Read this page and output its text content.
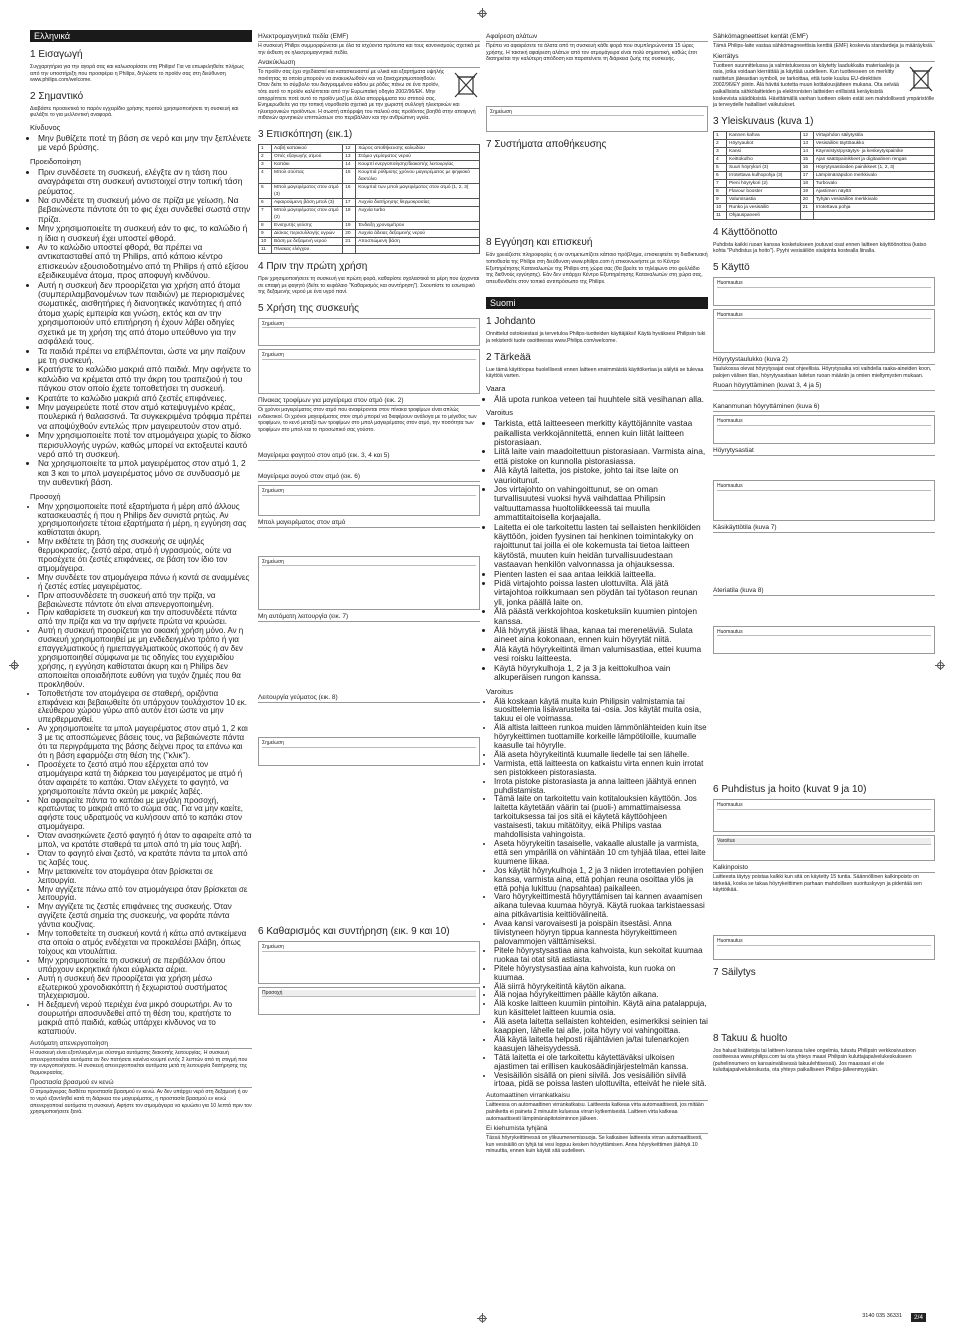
Ελληνικά
1 Εισαγωγή

Συγχαρητήρια για την αγορά σας και καλωσορίσατε στη Philips! Για να επωφεληθείτε πλήρως από την υποστήριξη που προσφέρει η Philips, δηλώστε το προϊόν σας στη διεύθυνση www.philips.com/welcome.

2 Σημαντικό

Διαβάστε προσεκτικά το παρόν εγχειρίδιο χρήσης προτού χρησιμοποιήσετε τη συσκευή και φυλάξτε το για μελλοντική αναφορά.

Κίνδυνος
• Μην βυθίζετε ποτέ τη βάση σε νερό και μην την ξεπλένετε με νερό βρύσης.
Προειδοποίηση
• Πριν συνδέσετε τη συσκευή, ελέγξτε αν η τάση που αναγράφεται στη συσκευή αντιστοιχεί στην τοπική τάση ρεύματος.
• Να συνδέετε τη συσκευή μόνο σε πρίζα με γείωση. Να βεβαιώνεστε πάντοτε ότι το φις έχει συνδεθεί σωστά στην πρίζα.
• Μην χρησιμοποιείτε τη συσκευή εάν το φις, το καλώδιο ή η ίδια η συσκευή έχει υποστεί φθορά.
• Αν το καλώδιο υποστεί φθορά, θα πρέπει να αντικατασταθεί από τη Philips, από κάποιο κέντρο επισκευών εξουσιοδοτημένο από τη Philips ή από εξίσου εξειδικευμένα άτομα, προς αποφυγή κινδύνου.
• Αυτή η συσκευή δεν προορίζεται για χρήση από άτομα (συμπεριλαμβανομένων των παιδιών) με περιορισμένες σωματικές, αισθητήριες ή διανοητικές ικανότητες ή από άτομα χωρίς εμπειρία και γνώση, εκτός και αν την χρησιμοποιούν υπό επιτήρηση ή έχουν λάβει οδηγίες σχετικά με τη χρήση της από άτομο υπεύθυνο για την ασφάλειά τους.
• Τα παιδιά πρέπει να επιβλέπονται, ώστε να μην παίζουν με τη συσκευή.
• Κρατήστε το καλώδιο μακριά από παιδιά. Μην αφήνετε το καλώδιο να κρέμεται από την άκρη του τραπεζιού ή του πάγκου στον οποίο έχετε τοποθετήσει τη συσκευή.
• Κρατάτε το καλώδιο μακριά από ζεστές επιφάνειες.
• Μην μαγειρεύετε ποτέ στον ατμό κατεψυγμένο κρέας, πουλερικά ή θαλασσινά. Τα συγκεκριμένα τρόφιμα πρέπει να αποψύχθούν εντελώς πριν μαγειρευτούν στον ατμό.
• Μην χρησιμοποιείτε ποτέ τον ατμομάγειρα χωρίς το δίσκο περισυλλογής υγρών, καθώς μπορεί να εκτοξευτεί καυτό νερό από τη συσκευή.
• Να χρησιμοποιείτε τα μπολ μαγειρέματος στον ατμό 1, 2 και 3 και το μπολ μαγειρέματος μόνο σε συνδυασμό με την αυθεντική βάση.
Προσοχή
• Μην χρησιμοποιείτε ποτέ εξαρτήματα ή μέρη από άλλους κατασκευαστές ή που η Philips δεν συνιστά ρητώς. Αν χρησιμοποιήσετε τέτοια εξαρτήματα ή μέρη, η εγγύηση σας καθίσταται άκυρη.
• Μην εκθέτετε τη βάση της συσκευής σε υψηλές θερμοκρασίες, ζεστό αέρα, ατμό ή υγρασμούς, ούτε να προσέχετε ότι ζεστές επιφάνειες, σε βάση τον ίδιο τον ατμομάγειρα.
• Μην συνδέετε τον ατμομάγειρα πάνω ή κοντά σε αναμμένες ή ζεστές εστίες μαγειρέματος.
• Πριν αποσυνδέσετε τη συσκευή από την πρίζα, να βεβαιώνεστε πάντοτε ότι είναι απενεργοποιημένη.
• Πριν καθαρίσετε τη συσκευή και την αποσυνδέετε πάντα από την πρίζα και να την αφήνετε πρώτα να κρυώσει.
• Αυτή η συσκευή προορίζεται για οικιακή χρήση μόνο. Αν η συσκευή χρησιμοποιηθεί με μη ενδεδειγμένο τρόπο ή για επαγγελματικούς ή ημιεπαγγελματικούς σκοπούς ή αν δεν χρησιμοποιηθεί σύμφωνα με τις οδηγίες του εγχειριδίου χρήσης, η εγγύηση καθίσταται άκυρη και η Philips δεν αποποιείται οποιαδήποτε ευθύνη για τυχόν ζημιές που θα προκληθούν.
• Τοποθετήστε τον ατομάγειρα σε σταθερή, οριζόντια επιφάνεια και βεβαιωθείτε ότι υπάρχουν τουλάχιστον 10 εκ. ελεύθερου χώρου γύρω από αυτόν έτσι ώστε να μην υπερθερμανθεί.
• Αν χρησιμοποιείτε τα μπολ μαγειρέματος στον ατμό 1, 2 και 3 με τις αποσπώμενες βάσεις τους, να βεβαιώνεστε πάντα ότι τα περιγράμματα της βάσης δείχνει προς τα επάνω και ότι η βάση εφαρμόζει στη θέση της ("κλικ").
• Προσέχετε το ζεστό ατμό που εξέρχεται από τον ατμομάγειρα κατά τη διάρκεια του μαγειρέματος με ατμό ή όταν αφαιρέτε το καπάκι. Όταν ελέγχετε το φαγητό, να χρησιμοποιείτε πάντα σκεύη με μακριές λαβές.
• Να αφαιρείτε πάντα το καπάκι με μεγάλη προσοχή, κρατώντας το μακριά από το σώμα σας. Για να μην καείτε, αφήστε τους υδρατμούς να κυλήσουν από το καπάκι στον ατμομάγειρα.
• Όταν ανασηκώνετε ζεστό φαγητό ή όταν το αφαιρείτε από τα μπολ, να κρατάτε σταθερά τα μπολ από τη μία τους λαβή.
• Όταν το φαγητό είναι ζεστό, να κρατάτε πάντα τα μπολ από τις λαβές τους.
• Μην μετακινείτε τον ατομάγειρα όταν βρίσκεται σε λειτουργία.
• Μην αγγίζετε πάνω από τον ατμομάγειρα όταν βρίσκεται σε λειτουργία.
• Μην αγγίζετε τις ζεστές επιφάνειες της συσκευής. Όταν αγγίζετε ζεστά σημεία της συσκευής, να φοράτε πάντα γάντια κουζίνας.
• Μην τοποθετείτε τη συσκευή κοντά ή κάτω από αντικείμενα στα οποία ο ατμός ενδέχεται να προκαλέσει βλάβη, όπως τοίχους και ντουλάπια.
• Μην χρησιμοποιείτε τη συσκευή σε περιβάλλον όπου υπάρχουν εκρηκτικά ή/και εύφλεκτα αέρια.
• Αυτή η συσκευή δεν προορίζεται για χρήση μέσω εξωτερικού χρονοδιακόπτη ή ξεχωριστού συστήματος τηλεχειρισμού.
• Η δεξαμενή νερού περιέχει ένα μικρό σουρωτήρι. Αν το σουρωτήρι αποσυνδεθεί από τη θέση του, κρατήστε το μακριά από παιδιά, καθώς υπάρχει κίνδυνος να το καταπιούν.
Αυτόματη απενεργοποίηση

Η συσκευή είναι εξοπλισμένη με σύστημα αυτόματης διακοπής λειτουργίας. Η συσκευή απενεργοποιείται αυτόματα αν δεν πατήσετε κανένα κουμπί εντός 2 λεπτών από τη στιγμή που την ενεργοποιήσατε. Η συσκευή απενεργοποιείται αυτόματα μετά τη λειτουργία διατήρησης της θερμοκρασίας.

Προστασία βρασμού εν κενώ

Ο ατμομάγειρας διαθέτει προστασία βρασμού εν κενώ. Αν δεν υπάρχει νερό στη δεξαμενή ή αν το νερό εξαντληθεί κατά τη διάρκεια του μαγειρέματος, η προστασία βρασμού εν κενώ απενεργοποιεί αυτόματα τη συσκευή. Αφήστε τον ατμομάγειρα να κρυώσει για 10 λεπτά πριν τον χρησιμοποιήσετε ξανά.

Ηλεκτρομαγνητικά πεδία (EMF)

Η συσκευή Philips συμμορφώνεται με όλα τα ισχύοντα πρότυπα και τους κανονισμούς σχετικά με την έκθεση σε ηλεκτρομαγνητικά πεδία.

Ανακύκλωση

Το προϊόν σας έχει σχεδιαστεί και κατασκευαστεί με υλικά και εξαρτήματα υψηλής ποιότητας τα οποία μπορούν να ανακυκλωθούν και να ξαναχρησιμοποιηθούν. Όταν δείτε το σύμβολο του διαγραμμένου κάδου με ρόδες πάνω σε ένα προϊόν, τότε αυτό το προϊόν καλύπτεται από την Ευρωπαϊκή οδηγία 2002/96/ΕΚ. Μην απορρίπτετε ποτέ αυτό το προϊόν μαζί με άλλα απορρίμματα του σπιτιού σας. Ενημερωθείτε για την τοπική νομοθεσία σχετικά με την χωριστή συλλογή ηλεκτρικών και ηλεκτρονικών προϊόντων. Η σωστή απόρριψη του παλιού σας προϊόντος βοηθά στην αποφυγή πιθανών αρνητικών επιπτώσεων στο περιβάλλον και την ανθρώπινη υγεία.

3 Επισκόπηση (εικ.1)
1	Λαβή καπακιού	12	Χώρος αποθήκευσης καλωδίου
2	Οπές εξαγωγής ατμού	13	Στόμιο γεμίσματος νερού
3	Καπάκι	14	Κουμπί ενεργοποίησης/διακοπής λειτουργίας
4	Μπολ σούπας	15	Κουμπιά ρύθμισης χρόνου μαγειρέματος με ψηφιακό δακτύλιο
5	Μπολ μαγειρέματος στον ατμό (3)	16	Κουμπιά των μπολ μαγειρέματος στον ατμό (1, 2, 3)
6	Αφαιρούμενη βάση μπολ (3)	17	Λυχνία διατήρησης θερμοκρασίας
7	Μπολ μαγειρέματος στον ατμό (2)	18	Λυχνία turbo
8	Ενισχυτής γεύσης	19	Ένδειξη χρονομέτρου
9	Δίσκος περισυλλογής υγρών	20	Λυχνία άδειας δεξαμενής νερού
10	Βάση με δεξαμενή νερού	21	Αποσπώμενη βάση
11	Πίνακας ελέγχου		
4 Πριν την πρώτη χρήση

Πριν χρησιμοποιήσετε τη συσκευή για πρώτη φορά, καθαρίστε σχολαστικά τα μέρη που έρχονται σε επαφή με φαγητό (δείτε το κεφάλαιο "Καθαρισμός και συντήρηση"). Σκουπίστε το εσωτερικό της δεξαμενής νερού με ένα υγρό πανί.

5 Χρήση της συσκευής
Σημείωση
Σημείωση
Πίνακας τροφίμων για μαγείρεμα στον ατμό (εικ. 2)

Οι χρόνοι μαγειρέματος στον ατμό που αναφέρονται στον πίνακα τροφίμων είναι απλώς ενδεικτικοί. Οι χρόνοι μαγειρέματος στον ατμό μπορεί να διαφέρουν ανάλογα με το μέγεθος των τροφίμων, το κενό μεταξύ των τροφίμων στο μπολ μαγειρέματος στον ατμό, την ποσότητα των τροφίμων στο μπολ και το προσωπικό σας γούστο.

Μαγείρεμα φαγητού στον ατμό (εικ. 3, 4 και 5)
Μαγείρεμα αυγού στον ατμό (εικ. 6)
Σημείωση
Μπολ μαγειρέματος στον ατμό
Σημείωση
Μη αυτόματη λειτουργία (εικ. 7)
Λειτουργία γεύματος (εικ. 8)
Σημείωση
6 Καθαρισμός και συντήρηση (εικ. 9 και 10)
Σημείωση
Προσοχή
Αφαίρεση αλάτων

Πρέπει να αφαιρέσετε τα άλατα από τη συσκευή κάθε φορά που συμπληρώνονται 15 ώρες χρήσης. Η τακτική αφαίρεση αλάτων από τον ατμομάγειρα είναι πολύ σημαντική, καθώς έτσι διατηρείται την καλύτερη απόδοση και παρατείνετε τη διάρκεια ζωής της συσκευής.

Σημείωση
7 Συστήματα αποθήκευσης
8 Εγγύηση και επισκευή

Εάν χρειάζεστε πληροφορίες ή αν αντιμετωπίζετε κάποιο πρόβλημα, επισκεφτείτε τη διαδικτυακή τοποθεσία της Philips στη διεύθυνση www.philips.com ή επικοινωνήστε με το Κέντρο Εξυπηρέτησης Καταναλωτών της Philips στη χώρα σας (θα βρείτε το τηλέφωνο στο φυλλάδιο της διεθνούς εγγύησης). Εάν δεν υπάρχει Κέντρο Εξυπηρέτησης Καταναλωτών στη χώρα σας, απευθυνθείτε στον τοπικό αντιπρόσωπο της Philips.

Suomi
1 Johdanto

Onnittelut ostoksestasi ja tervetuloa Philips-tuotteiden käyttäjäksi! Käytä hyväksesi Philipsin tuki ja rekisteröi tuote osoitteessa www.Philips.com/welcome.

2 Tärkeää

Lue tämä käyttöopas huolellisesti ennen laitteen ensimmäistä käyttökertaa ja säilytä se tulevaa käyttöä varten.

Vaara
• Älä upota runkoa veteen tai huuhtele sitä vesihanan alla.
Varoitus
• Tarkista, että laitteeseen merkitty käyttöjännite vastaa paikallista verkkojännitettä, ennen kuin liität laitteen pistorasiaan.
• Liitä laite vain maadoitettuun pistorasiaan. Varmista aina, että pistoke on kunnolla pistorasiassa.
• Älä käytä laitetta, jos pistoke, johto tai itse laite on vaurioitunut.
• Jos virtajohto on vahingoittunut, se on oman turvallisuutesi vuoksi hyvä vaihdattaa Philipsin valtuuttamassa huoltoliikkeessä tai muulla ammattitaitoisella korjaajalla.
• Laitetta ei ole tarkoitettu lasten tai sellaisten henkilöiden käyttöön, joiden fyysinen tai henkinen toimintakyky on rajoittunut tai joilla ei ole kokemusta tai tietoa laitteen käytöstä, muuten kuin heidän turvallisuudestaan vastaavan henkilön valvonnassa ja ohjauksessa.
• Pienten lasten ei saa antaa leikkiä laitteella.
• Pidä virtajohto poissa lasten ulottuvilta. Älä jätä virtajohtoa roikkumaan sen pöydän tai työtason reunan yli, jonka päällä laite on.
• Älä päästä verkkojohtoa kosketuksiin kuumien pintojen kanssa.
• Älä höyrytä jäistä lihaa, kanaa tai mereneläviä. Sulata aineet aina kokonaan, ennen kuin höyrytät niitä.
• Älä käytä höyrykeitintä ilman valumisastiaa, ettei kuuma vesi roisku laitteesta.
• Käytä höyrykulhoja 1, 2 ja 3 ja keittokulhoa vain alkuperäisen rungon kanssa.
Varoitus
• Älä koskaan käytä muita kuin Philipsin valmistamia tai suosittelemia lisävarusteita tai -osia. Jos käytät muita osia, takuu ei ole voimassa.
• Älä altista laitteen runkoa muiden lämmönlähteiden kuin itse höyrykeittimen tuottamille korkeille lämpötiloille, kuumalle kaasulle tai höyrylle.
• Älä aseta höyrykeitintä kuumalle liedelle tai sen lähelle.
• Varmista, että laitteesta on katkaistu virta ennen kuin irrotat sen pistokkeen pistorasiasta.
• Irrota pistoke pistorasiasta ja anna laitteen jäähtyä ennen puhdistamista.
• Tämä laite on tarkoitettu vain kotitalouksien käyttöön. Jos laitetta käytetään väärin tai (puoli-) ammattimaisessa tarkoituksessa tai jos sitä ei käytetä käyttöohjeen vastaisesti, takuu mitätöityy, eikä Philips vastaa mahdollisista vahingoista.
• Aseta höyrykeitin tasaiselle, vakaalle alustalle ja varmista, että sen ympärillä on vähintään 10 cm tyhjää tilaa, ettei laite kuumene liikaa.
• Jos käytät höyrykulhoja 1, 2 ja 3 niiden irrotettavien pohjien kanssa, varmista aina, että pohjan reuna osoittaa ylös ja että pohja lukittuu (napsahtaa) paikalleen.
• Varo höyrykeittimestä höyryttämisen tai kannen avaamisen aikana tulevaa kuumaa höyryä. Käytä ruokaa tarkistaessasi aina pitkävartisia keittiövälineitä.
• Avaa kansi varovaisesti ja poispäin itsestäsi. Anna tiivistyneen höyryn tippua kannesta höyrykeittimeen palovammojen välttämiseksi.
• Pitele höyrystysastiaa aina kahvoista, kun sekoitat kuumaa ruokaa tai otat sitä astiasta.
• Pitele höyrystysastiaa aina kahvoista, kun ruoka on kuumaa.
• Älä siirrä höyrykeitintä käytön aikana.
• Älä nojaa höyrykeittimen päälle käytön aikana.
• Älä koske laitteen kuumiin pintoihin. Käytä aina patalappuja, kun käsittelet laitteen kuumia osia.
• Älä aseta laitetta sellaisten kohteiden, esimerkiksi seinien tai kaappien, lähelle tai alle, joita höyry voi vahingoittaa.
• Älä käytä laitetta helposti räjähtävien ja/tai tulenarkojen kaasujen läheisyydessä.
• Tätä laitetta ei ole tarkoitettu käytettäväksi ulkoisen ajastimen tai erillisen kaukosäädinjärjestelmän kanssa.
• Vesisäiliön sisällä on pieni siivilä. Jos vesisäiliön siivilä irtoaa, pidä se poissa lasten ulottuvilta, etteivät he niele sitä.
Automaattinen virrankatkaisu

Laitteessa on automaattinen virrankatkaisu. Laitteesta katkeaa virta automaattisesti, jos mitään painiketta ei paineta 2 minuutin kuluessa virran kytkemisestä. Laitteen virta katkeaa automaattisesti lämpimänäpitotoiminnon jälkeen.

Ei kiehumista tyhjänä

Tässä höyrykeittimessä on ylikuumenemissuoja. Se katkaisee laitteesta virran automaattisesti, kun vesisäiliö on tyhjä tai vesi loppuu kesken höyryttämisen. Anna höyrykeittimen jäähtyä 10 minuuttia, ennen kuin käytät sitä uudelleen.

Sähkömagneettiset kentät (EMF)

Tämä Philips-laite vastaa sähkömagneettisia kenttiä (EMF) koskevia standardeja ja määräyksiä.

Kierrätys

Tuotteen suunnittelussa ja valmistuksessa on käytetty laadukkaita materiaaleja ja osia, jotka voidaan kierrättää ja käyttää uudelleen. Kun tuotteeseen on merkitty rastitetun jäteastian symboli, se tarkoittaa, että tuote kuuluu EU-direktiivin 2002/96/EY piiriin. Älä hävitä tuotetta muun kotitalousjätteen mukana. Ota selvää paikallisista sähkölaitteiden ja elektronisten laitteiden erillisistä keräyksistä koskevista säädöksistä. Hävittämällä vanhan tuotteen oikein estät sen mahdollisesti ympäristölle ja terveydelle haitalliset vaikutukset.

3 Yleiskuvaus (kuva 1)
1	Kannen kahva	12	Virtajohdon säilytystila
2	Höyryaukot	13	Vesisäiliön täyttöaukko
3	Kansi	14	Käynnistys/pysäytys- ja keskeytyspainike
4	Keittokulho	15	Ajan säätöpainikkeet ja digitaalinen rengas
5	Suuri höyrykori (3)	16	Höyrytysastioiden painikkeet (1, 2, 3)
6	Irrotettava kulhopohja (3)	17	Lämpimänäpidon merkkivalo
7	Pieni höyrykori (2)	18	Turbovalo
8	Flavour booster	19	Ajastimen näyttö
9	Valumisastia	20	Tyhjän vesisäiliön merkkivalo
10	Runko ja vesisäiliö	21	Irrotettava pohja
11	Ohjauspaneeli		
4 Käyttöönotto

Puhdista kaikki ruoan kanssa kosketukseen joutuvat osat ennen laitteen käyttöönottoa (katso kohta "Puhdistus ja hoito"). Pyyhi vesisäiliön sisäpinta kostealla liinalla.

5 Käyttö
Huomautus
Huomautus
Höyrytystaulukko (kuva 2)

Taulukossa olevat höyrytysajat ovat ohjeellisia. Höyrytysaika voi vaihdella raaka-aineiden koon, palojen välisen tilan, höyrytysastiaan laitetun ruoan määrän ja omien mieltymysten mukaan.

Ruoan höyryttäminen (kuvat 3, 4 ja 5)
Kananmunan höyryttäminen (kuva 6)
Huomautus
Höyrytysastiat
Huomautus
Käsikäyttötila (kuva 7)
Ateriatila (kuva 8)
Huomautus
6 Puhdistus ja hoito (kuvat 9 ja 10)
Huomautus
Varoitus
Kalkinpoisto

Laitteesta täytyy poistaa kalkki kun sitä on käytetty 15 tuntia. Säännöllinen kalkinpoisto on tärkeää, koska se takaa höyrykeittimen parhaan mahdollisen suorituskyvyn ja pidentää sen käyttöikää.

Huomautus
7 Säilytys
8 Takuu & huolto

Jos haluat lisätietoja tai laitteen kanssa tulee ongelmia, tutustu Philipsin verkkosivustoon osoitteessa www.philips.com tai ota yhteys maasi Philipsin kuluttajapalvelukeskukseen (puhelinnumero on kansainvälisessä takuulehtisessä). Jos maassasi ei ole kuluttajapalvelukeskusta, ota yhteys paikalliseen Philips-jälleenmyyjään.

3140 035 36331	2/4
